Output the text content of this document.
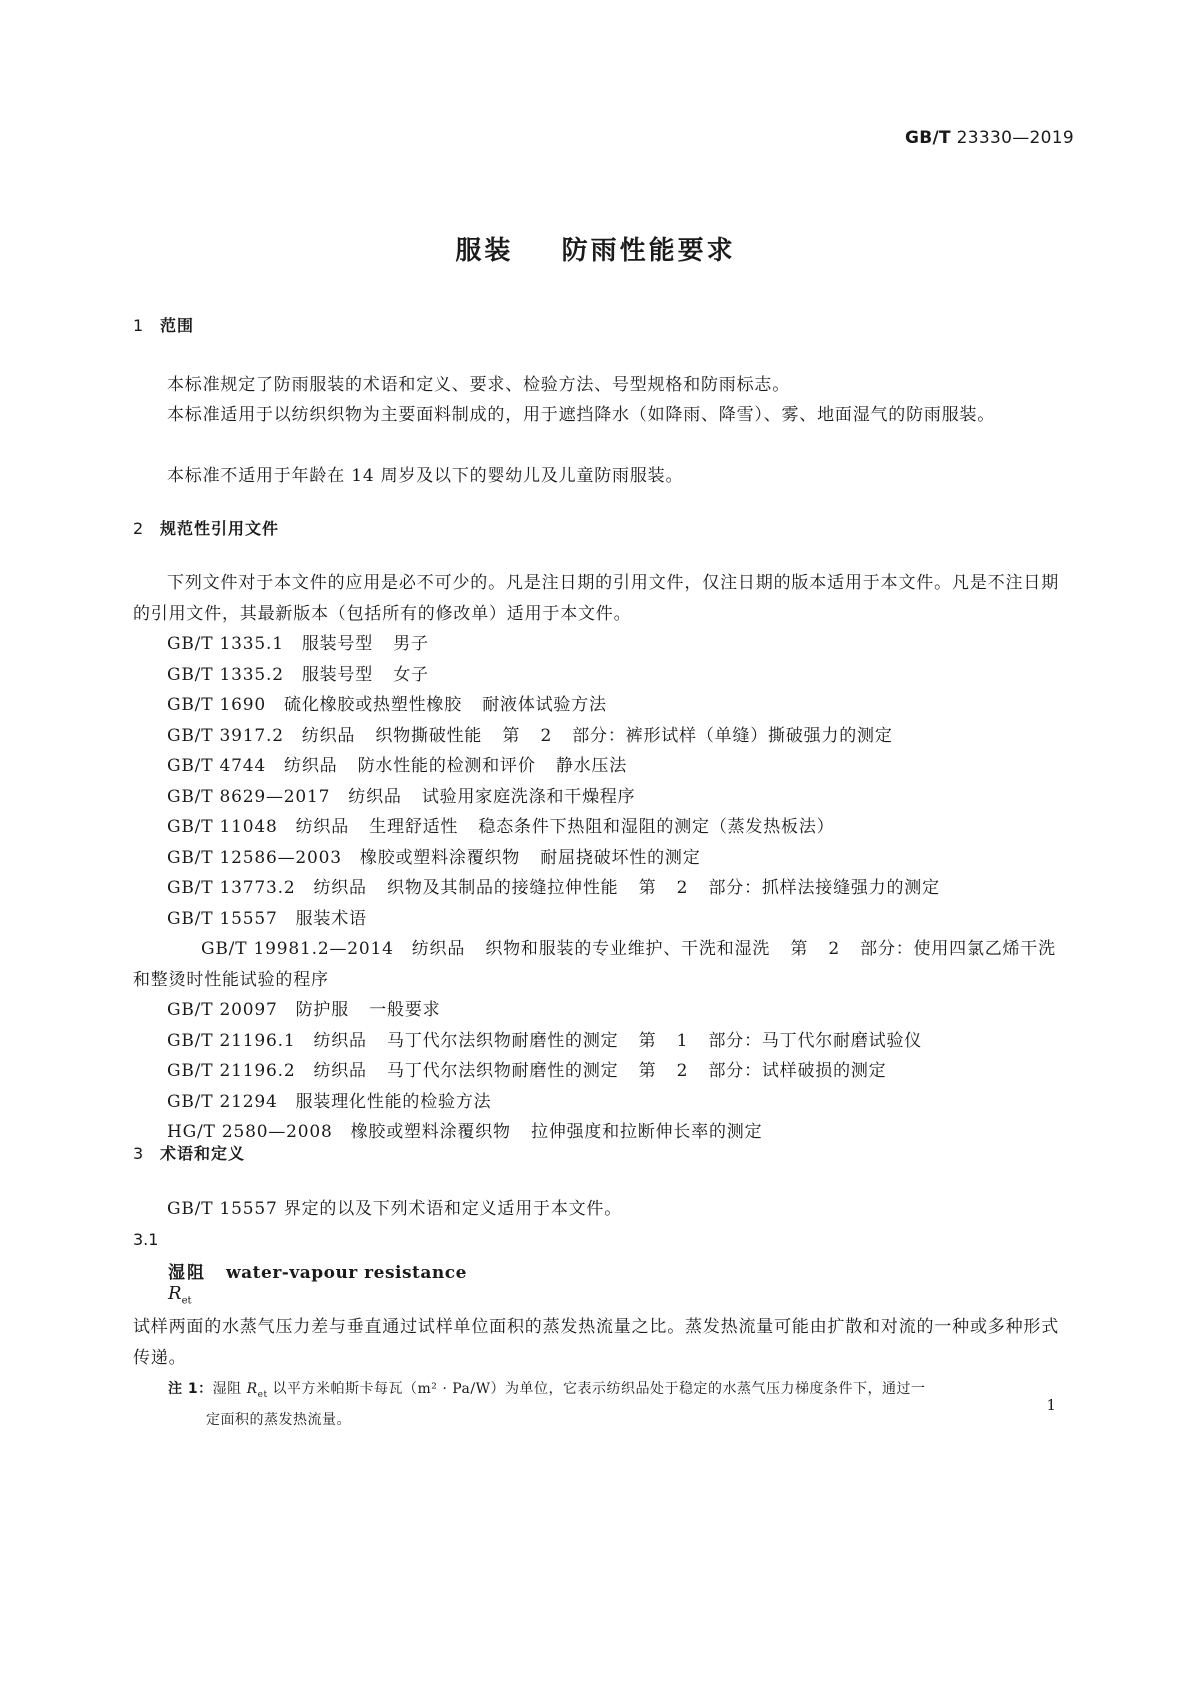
GB/T 23330—2019
服装    防雨性能要求
1 范围
本标准规定了防雨服装的术语和定义、要求、检验方法、号型规格和防雨标志。
本标准适用于以纺织织物为主要面料制成的，用于遮挡降水（如降雨、降雪）、雾、地面湿气的防雨服装。
本标准不适用于年龄在 14 周岁及以下的婴幼儿及儿童防雨服装。
2 规范性引用文件
下列文件对于本文件的应用是必不可少的。凡是注日期的引用文件，仅注日期的版本适用于本文件。凡是不注日期的引用文件，其最新版本（包括所有的修改单）适用于本文件。
GB/T 1335.1 服装号型 男子
GB/T 1335.2 服装号型 女子
GB/T 1690 硫化橡胶或热塑性橡胶 耐液体试验方法
GB/T 3917.2 纺织品 织物撕破性能 第 2 部分：裤形试样（单缝）撕破强力的测定
GB/T 4744 纺织品 防水性能的检测和评价 静水压法
GB/T 8629—2017 纺织品 试验用家庭洗涤和干燥程序
GB/T 11048 纺织品 生理舒适性 稳态条件下热阻和湿阻的测定（蒸发热板法）
GB/T 12586—2003 橡胶或塑料涂覆织物 耐屈挠破坏性的测定
GB/T 13773.2 纺织品 织物及其制品的接缝拉伸性能 第 2 部分：抓样法接缝强力的测定
GB/T 15557 服装术语
GB/T 19981.2—2014 纺织品 织物和服装的专业维护、干洗和湿洗 第 2 部分：使用四氯乙烯干洗和整烫时性能试验的程序
GB/T 20097 防护服 一般要求
GB/T 21196.1 纺织品 马丁代尔法织物耐磨性的测定 第 1 部分：马丁代尔耐磨试验仪
GB/T 21196.2 纺织品 马丁代尔法织物耐磨性的测定 第 2 部分：试样破损的测定
GB/T 21294 服装理化性能的检验方法
HG/T 2580—2008 橡胶或塑料涂覆织物 拉伸强度和拉断伸长率的测定
3 术语和定义
GB/T 15557 界定的以及下列术语和定义适用于本文件。
3.1
湿阻 water-vapour resistance
$R_{et}$
试样两面的水蒸气压力差与垂直通过试样单位面积的蒸发热流量之比。蒸发热流量可能由扩散和对流的一种或多种形式传递。
注 1：湿阻 $R_{et}$ 以平方米帕斯卡每瓦（m² · Pa/W）为单位，它表示纺织品处于稳定的水蒸气压力梯度条件下，通过一
定面积的蒸发热流量。
1
